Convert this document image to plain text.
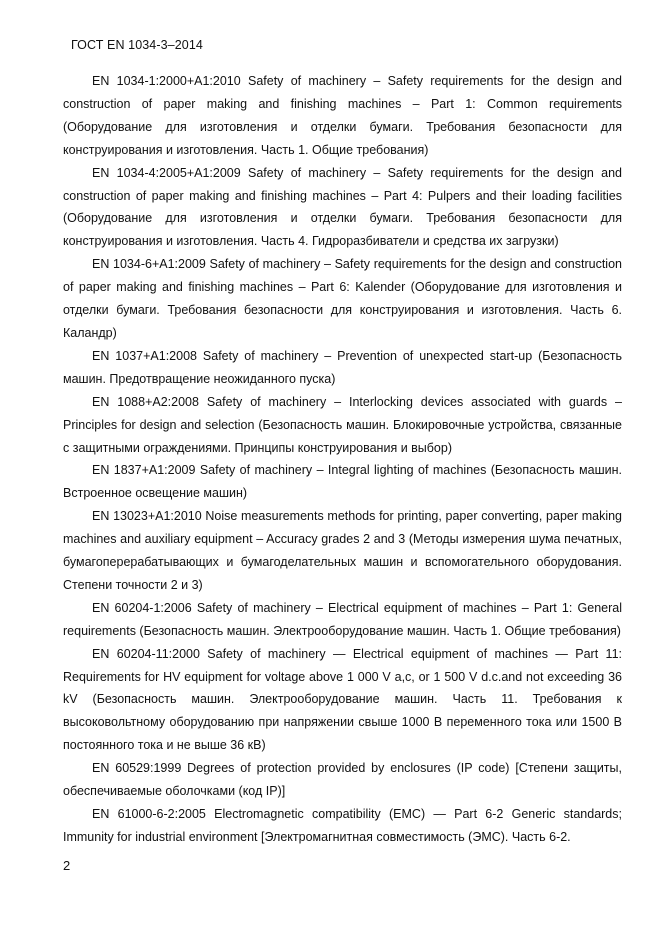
ГОСТ EN 1034-3–2014

EN 1034-1:2000+A1:2010 Safety of machinery – Safety requirements for the design and construction of paper making and finishing machines – Part 1: Common requirements (Оборудование для изготовления и отделки бумаги. Требования безопасности для конструирования и изготовления. Часть 1. Общие требования)

EN 1034-4:2005+A1:2009 Safety of machinery – Safety requirements for the design and construction of paper making and finishing machines – Part 4: Pulpers and their loading facilities (Оборудование для изготовления и отделки бумаги. Требования безопасности для конструирования и изготовления. Часть 4. Гидроразбиватели и средства их загрузки)

EN 1034-6+A1:2009 Safety of machinery – Safety requirements for the design and construction of paper making and finishing machines – Part 6: Kalender (Оборудование для изготовления и отделки бумаги. Требования безопасности для конструирования и изготовления. Часть 6. Каландр)

EN 1037+A1:2008 Safety of machinery – Prevention of unexpected start-up (Безопасность машин. Предотвращение неожиданного пуска)

EN 1088+A2:2008 Safety of machinery – Interlocking devices associated with guards – Principles for design and selection (Безопасность машин. Блокировочные устройства, связанные с защитными ограждениями. Принципы конструирования и выбор)

EN 1837+A1:2009 Safety of machinery – Integral lighting of machines (Безопасность машин. Встроенное освещение машин)

EN 13023+A1:2010 Noise measurements methods for printing, paper converting, paper making machines and auxiliary equipment – Accuracy grades 2 and 3 (Методы измерения шума печатных, бумагоперерабатывающих и бумагоделательных машин и вспомогательного оборудования. Степени точности 2 и 3)

EN 60204-1:2006 Safety of machinery – Electrical equipment of machines – Part 1: General requirements (Безопасность машин. Электрооборудование машин. Часть 1. Общие требования)

EN 60204-11:2000 Safety of machinery — Electrical equipment of machines — Part 11: Requirements for HV equipment for voltage above 1 000 V a,c, or 1 500 V d.c.and not exceeding 36 kV (Безопасность машин. Электрооборудование машин. Часть 11. Требования к высоковольтному оборудованию при напряжении свыше 1000 В переменного тока или 1500 В постоянного тока и не выше 36 кВ)

EN 60529:1999 Degrees of protection provided by enclosures (IP code) [Степени защиты, обеспечиваемые оболочками (код IP)]

EN 61000-6-2:2005 Electromagnetic compatibility (EMC) — Part 6-2 Generic standards; Immunity for industrial environment [Электромагнитная совместимость (ЭМС). Часть 6-2.

2
